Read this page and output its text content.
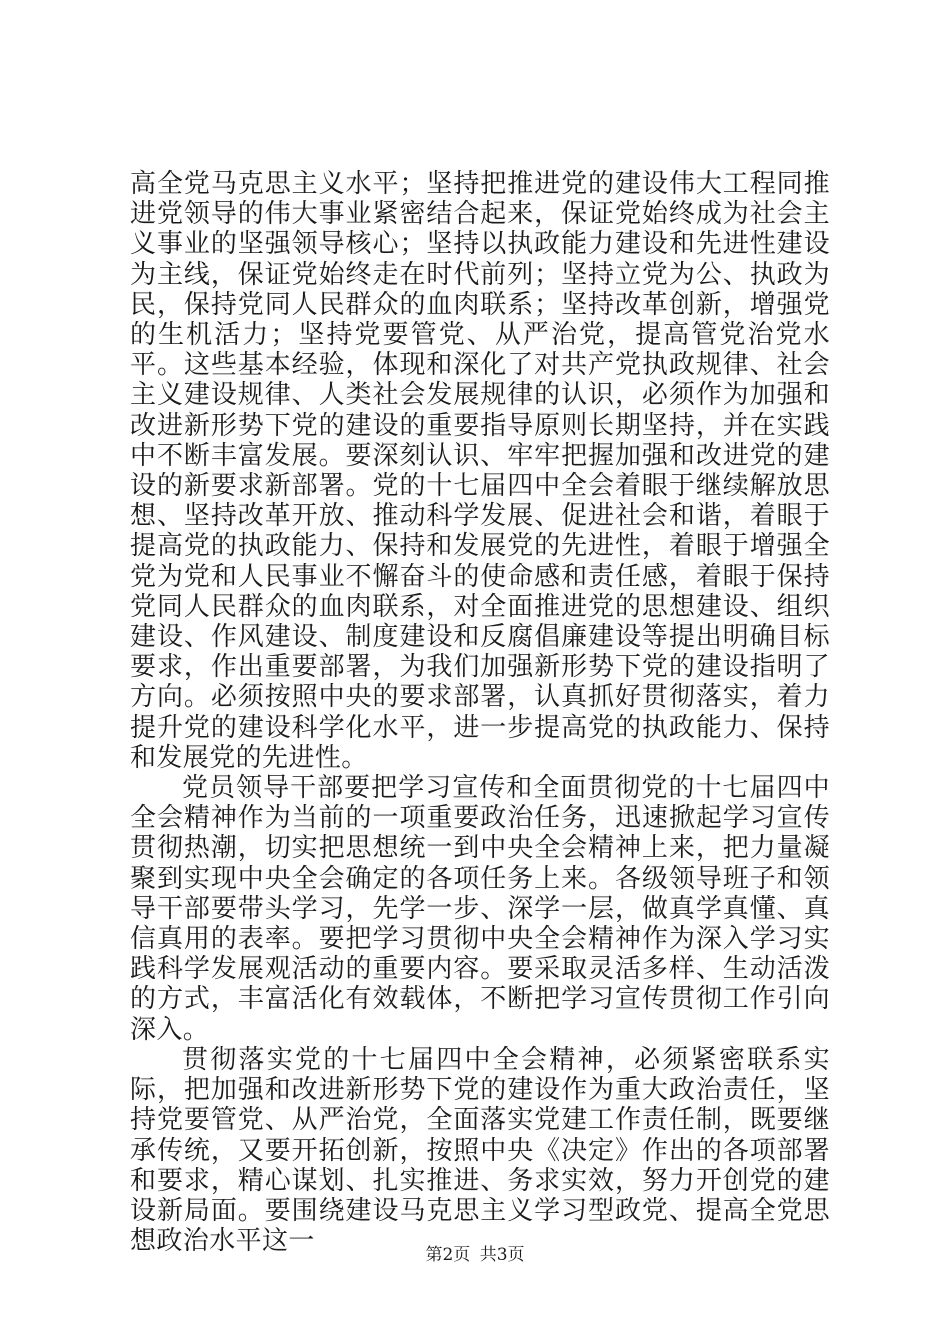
高全党马克思主义水平；坚持把推进党的建设伟大工程同推进党领导的伟大事业紧密结合起来，保证党始终成为社会主义事业的坚强领导核心；坚持以执政能力建设和先进性建设为主线，保证党始终走在时代前列；坚持立党为公、执政为民，保持党同人民群众的血肉联系；坚持改革创新，增强党的生机活力；坚持党要管党、从严治党，提高管党治党水平。这些基本经验，体现和深化了对共产党执政规律、社会主义建设规律、人类社会发展规律的认识，必须作为加强和改进新形势下党的建设的重要指导原则长期坚持，并在实践中不断丰富发展。要深刻认识、牢牢把握加强和改进党的建设的新要求新部署。党的十七届四中全会着眼于继续解放思想、坚持改革开放、推动科学发展、促进社会和谐，着眼于提高党的执政能力、保持和发展党的先进性，着眼于增强全党为党和人民事业不懈奋斗的使命感和责任感，着眼于保持党同人民群众的血肉联系，对全面推进党的思想建设、组织建设、作风建设、制度建设和反腐倡廉建设等提出明确目标要求，作出重要部署，为我们加强新形势下党的建设指明了方向。必须按照中央的要求部署，认真抓好贯彻落实，着力提升党的建设科学化水平，进一步提高党的执政能力、保持和发展党的先进性。

党员领导干部要把学习宣传和全面贯彻党的十七届四中全会精神作为当前的一项重要政治任务，迅速掀起学习宣传贯彻热潮，切实把思想统一到中央全会精神上来，把力量凝聚到实现中央全会确定的各项任务上来。各级领导班子和领导干部要带头学习，先学一步、深学一层，做真学真懂、真信真用的表率。要把学习贯彻中央全会精神作为深入学习实践科学发展观活动的重要内容。要采取灵活多样、生动活泼的方式，丰富活化有效载体，不断把学习宣传贯彻工作引向深入。

贯彻落实党的十七届四中全会精神，必须紧密联系实际，把加强和改进新形势下党的建设作为重大政治责任，坚持党要管党、从严治党，全面落实党建工作责任制，既要继承传统，又要开拓创新，按照中央《决定》作出的各项部署和要求，精心谋划、扎实推进、务求实效，努力开创党的建设新局面。要围绕建设马克思主义学习型政党、提高全党思想政治水平这一	第2页 共3页
